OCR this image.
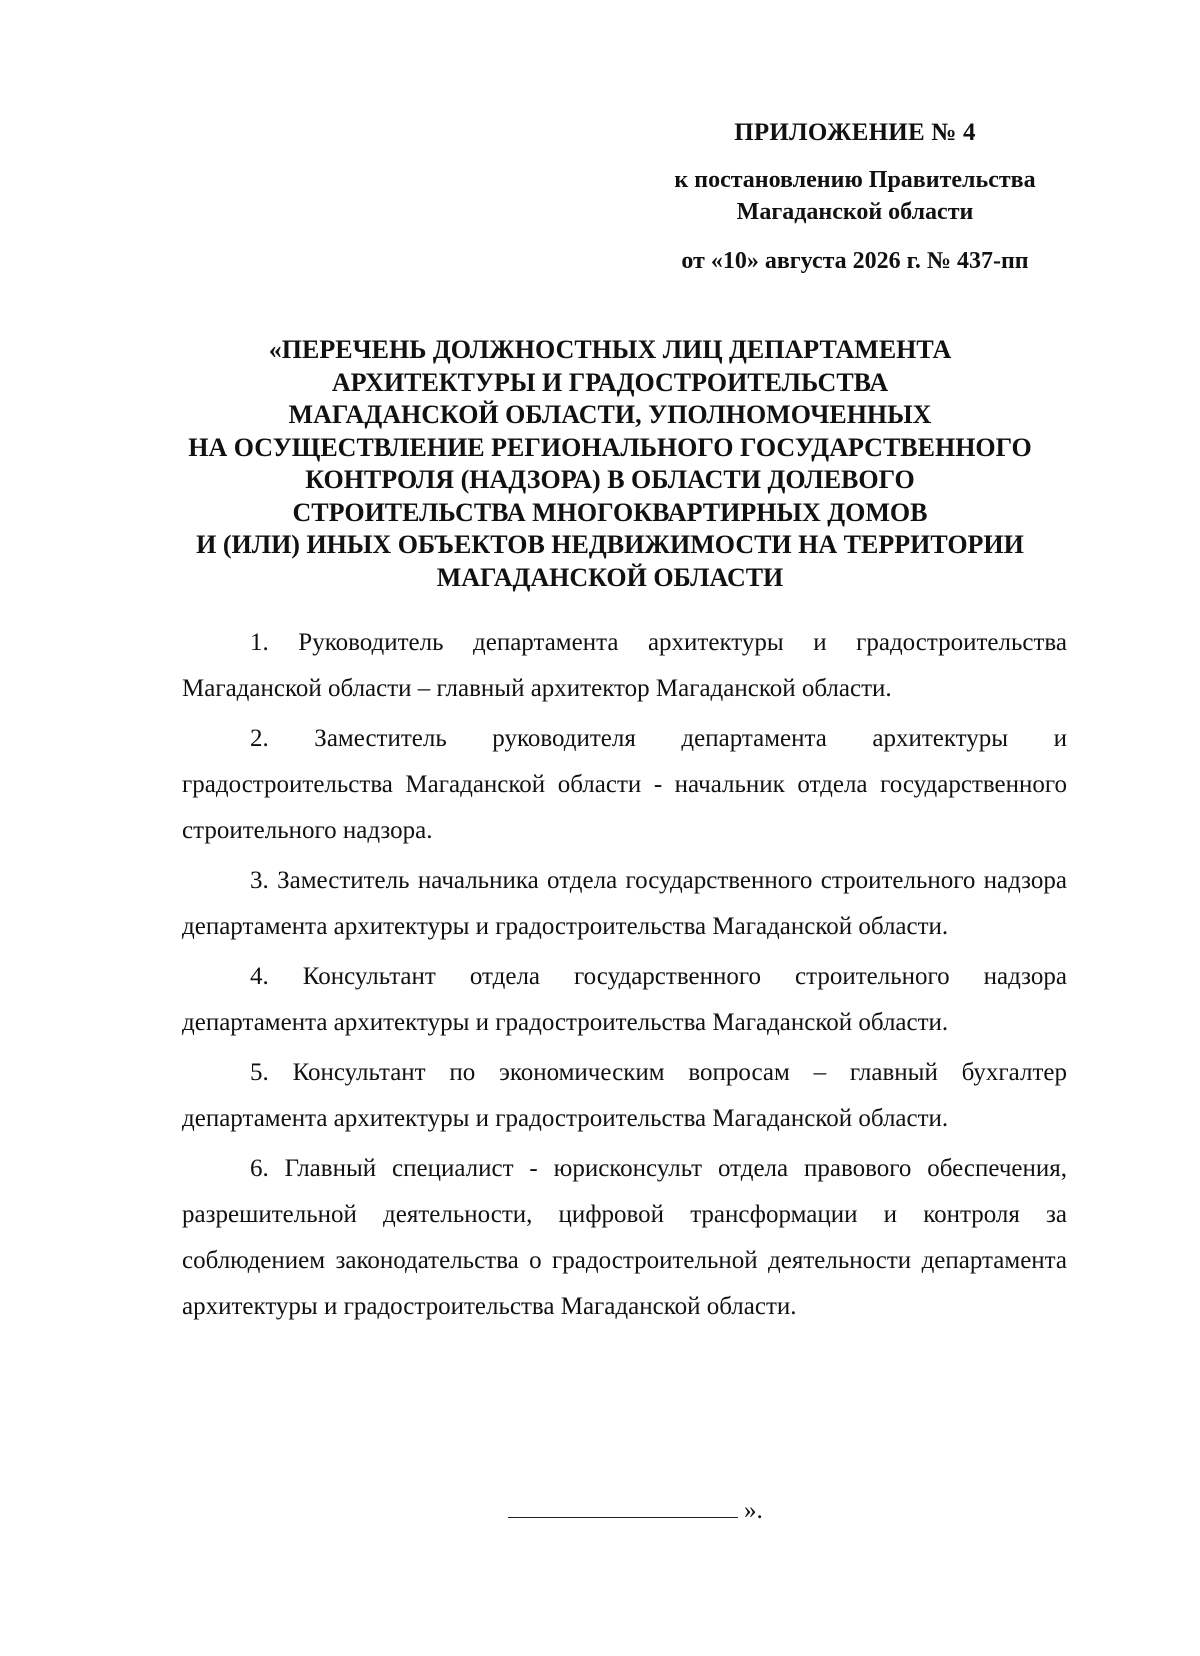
ПРИЛОЖЕНИЕ № 4

к постановлению Правительства
Магаданской области

от «10» августа 2026 г. № 437-пп

«ПЕРЕЧЕНЬ ДОЛЖНОСТНЫХ ЛИЦ ДЕПАРТАМЕНТА
АРХИТЕКТУРЫ И ГРАДОСТРОИТЕЛЬСТВА
МАГАДАНСКОЙ ОБЛАСТИ, УПОЛНОМОЧЕННЫХ
НА ОСУЩЕСТВЛЕНИЕ РЕГИОНАЛЬНОГО ГОСУДАРСТВЕННОГО
КОНТРОЛЯ (НАДЗОРА) В ОБЛАСТИ ДОЛЕВОГО
СТРОИТЕЛЬСТВА МНОГОКВАРТИРНЫХ ДОМОВ
И (ИЛИ) ИНЫХ ОБЪЕКТОВ НЕДВИЖИМОСТИ НА ТЕРРИТОРИИ
МАГАДАНСКОЙ ОБЛАСТИ

1. Руководитель департамента архитектуры и градостроительства Магаданской области – главный архитектор Магаданской области.

2. Заместитель руководителя департамента архитектуры и градостроительства Магаданской области - начальник отдела государственного строительного надзора.

3. Заместитель начальника отдела государственного строительного надзора департамента архитектуры и градостроительства Магаданской области.

4. Консультант отдела государственного строительного надзора департамента архитектуры и градостроительства Магаданской области.

5. Консультант по экономическим вопросам – главный бухгалтер департамента архитектуры и градостроительства Магаданской области.

6. Главный специалист - юрисконсульт отдела правового обеспечения, разрешительной деятельности, цифровой трансформации и контроля за соблюдением законодательства о градостроительной деятельности департамента архитектуры и градостроительства Магаданской области.

».
